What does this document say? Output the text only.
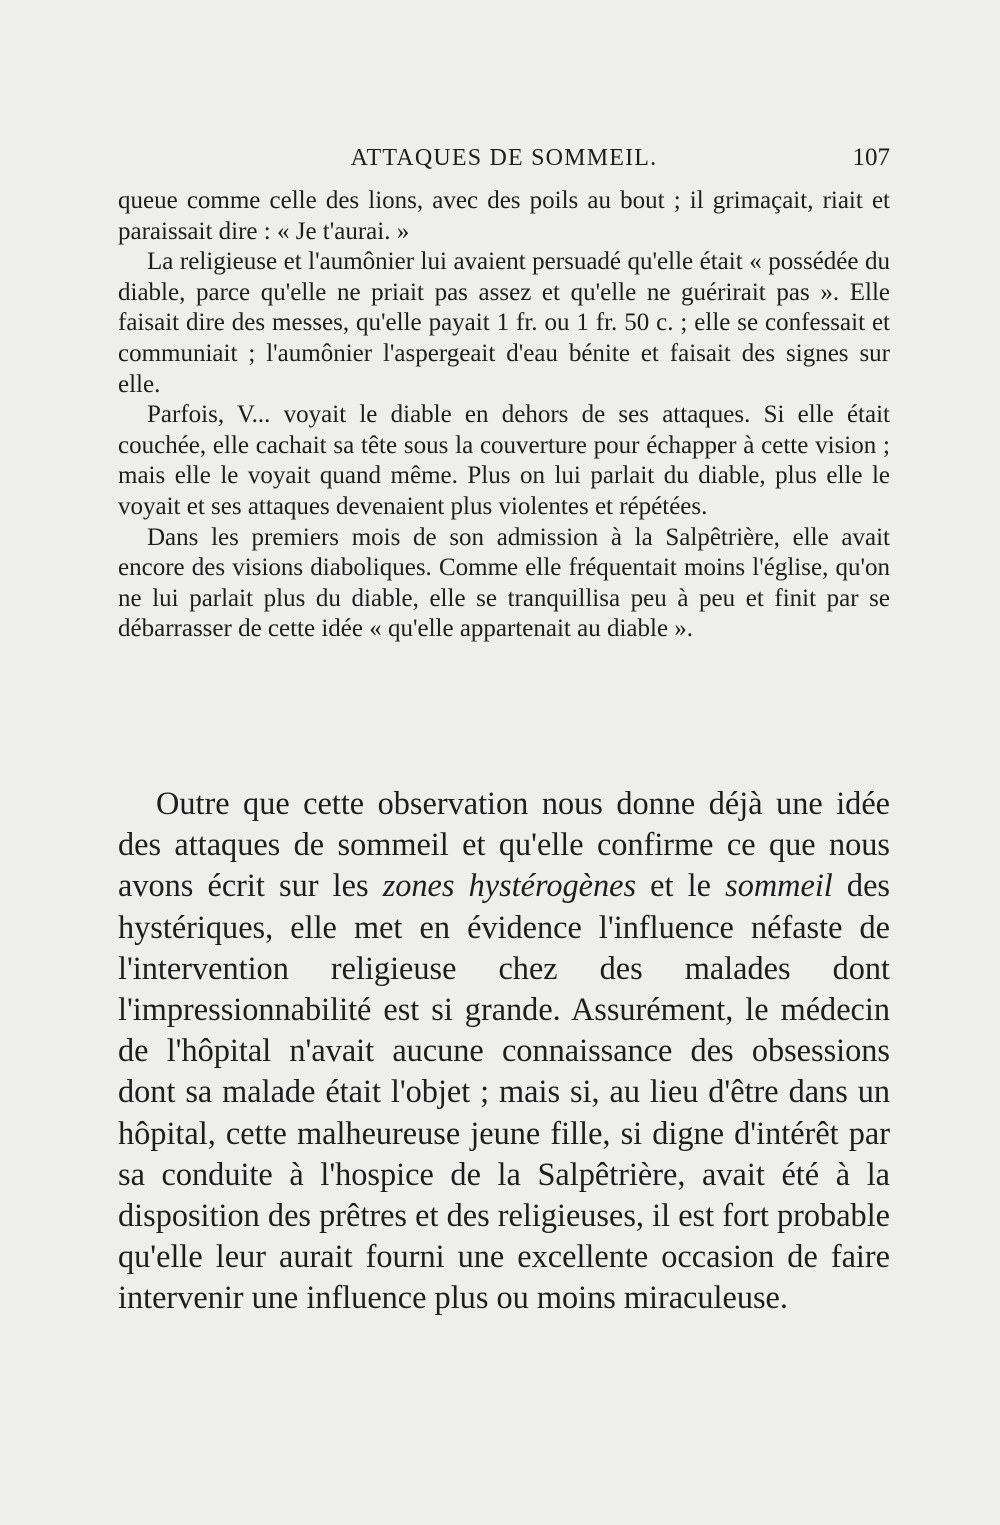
ATTAQUES DE SOMMEIL.	107

queue comme celle des lions, avec des poils au bout ; il grimaçait, riait et paraissait dire : « Je t'aurai. »

La religieuse et l'aumônier lui avaient persuadé qu'elle était « possédée du diable, parce qu'elle ne priait pas assez et qu'elle ne guérirait pas ». Elle faisait dire des messes, qu'elle payait 1 fr. ou 1 fr. 50 c. ; elle se confessait et communiait ; l'aumônier l'aspergeait d'eau bénite et faisait des signes sur elle.

Parfois, V... voyait le diable en dehors de ses attaques. Si elle était couchée, elle cachait sa tête sous la couverture pour échapper à cette vision ; mais elle le voyait quand même. Plus on lui parlait du diable, plus elle le voyait et ses attaques devenaient plus violentes et répétées.

Dans les premiers mois de son admission à la Salpêtrière, elle avait encore des visions diaboliques. Comme elle fréquentait moins l'église, qu'on ne lui parlait plus du diable, elle se tranquillisa peu à peu et finit par se débarrasser de cette idée « qu'elle appartenait au diable ».

Outre que cette observation nous donne déjà une idée des attaques de sommeil et qu'elle confirme ce que nous avons écrit sur les zones hystérogènes et le sommeil des hystériques, elle met en évidence l'influence néfaste de l'intervention religieuse chez des malades dont l'impressionnabilité est si grande. Assurément, le médecin de l'hôpital n'avait aucune connaissance des obsessions dont sa malade était l'objet ; mais si, au lieu d'être dans un hôpital, cette malheureuse jeune fille, si digne d'intérêt par sa conduite à l'hospice de la Salpêtrière, avait été à la disposition des prêtres et des religieuses, il est fort probable qu'elle leur aurait fourni une excellente occasion de faire intervenir une influence plus ou moins miraculeuse.
